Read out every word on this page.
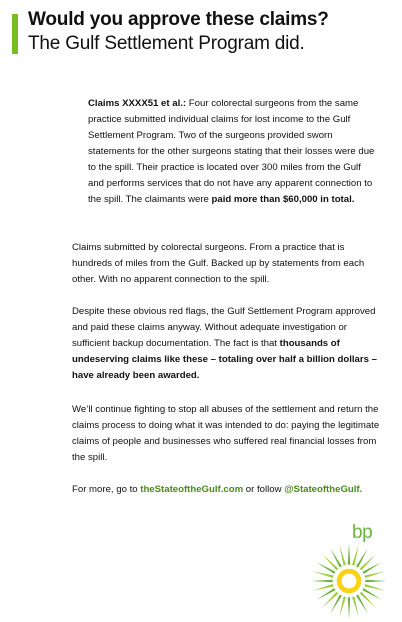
Would you approve these claims?
The Gulf Settlement Program did.
Claims XXXX51 et al.: Four colorectal surgeons from the same practice submitted individual claims for lost income to the Gulf Settlement Program. Two of the surgeons provided sworn statements for the other surgeons stating that their losses were due to the spill. Their practice is located over 300 miles from the Gulf and performs services that do not have any apparent connection to the spill. The claimants were paid more than $60,000 in total.
Claims submitted by colorectal surgeons. From a practice that is hundreds of miles from the Gulf. Backed up by statements from each other. With no apparent connection to the spill.
Despite these obvious red flags, the Gulf Settlement Program approved and paid these claims anyway. Without adequate investigation or sufficient backup documentation. The fact is that thousands of undeserving claims like these – totaling over half a billion dollars – have already been awarded.
We’ll continue fighting to stop all abuses of the settlement and return the claims process to doing what it was intended to do: paying the legitimate claims of people and businesses who suffered real financial losses from the spill.
For more, go to theStateoftheGulf.com or follow @StateoftheGulf.
bp
